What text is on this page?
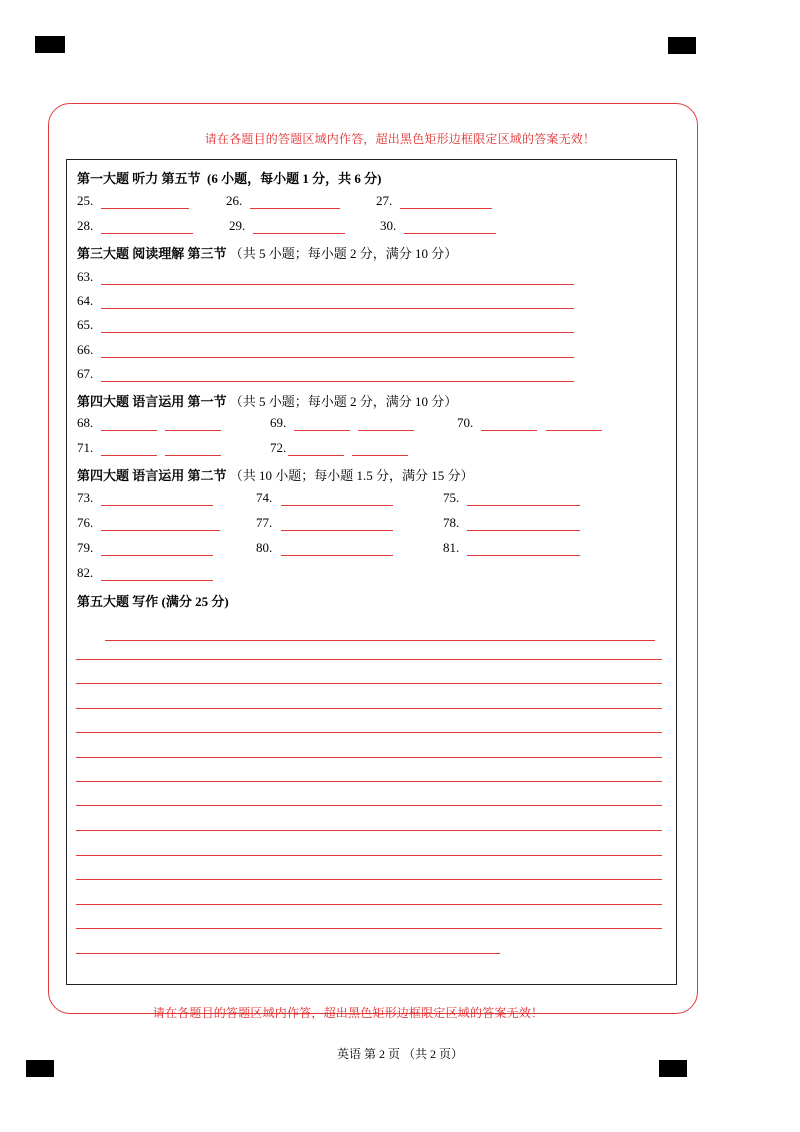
请在各题目的答题区域内作答，超出黑色矩形边框限定区域的答案无效！
第一大题 听力 第五节 (6 小题，每小题 1 分，共 6 分)
25.	26.	27.
28.	29.	30.
第三大题 阅读理解 第三节 （共 5 小题；每小题 2 分，满分 10 分）
63.
64.
65.
66.
67.
第四大题 语言运用 第一节 （共 5 小题；每小题 2 分，满分 10 分）
68.	69.	70.
71.	72.
第四大题 语言运用 第二节 （共 10 小题；每小题 1.5 分，满分 15 分）
73.	74.	75.
76.	77.	78.
79.	80.	81.
82.
第五大题 写作 (满分 25 分)
请在各题目的答题区域内作答，超出黑色矩形边框限定区域的答案无效！
英语 第 2 页 （共 2 页）
